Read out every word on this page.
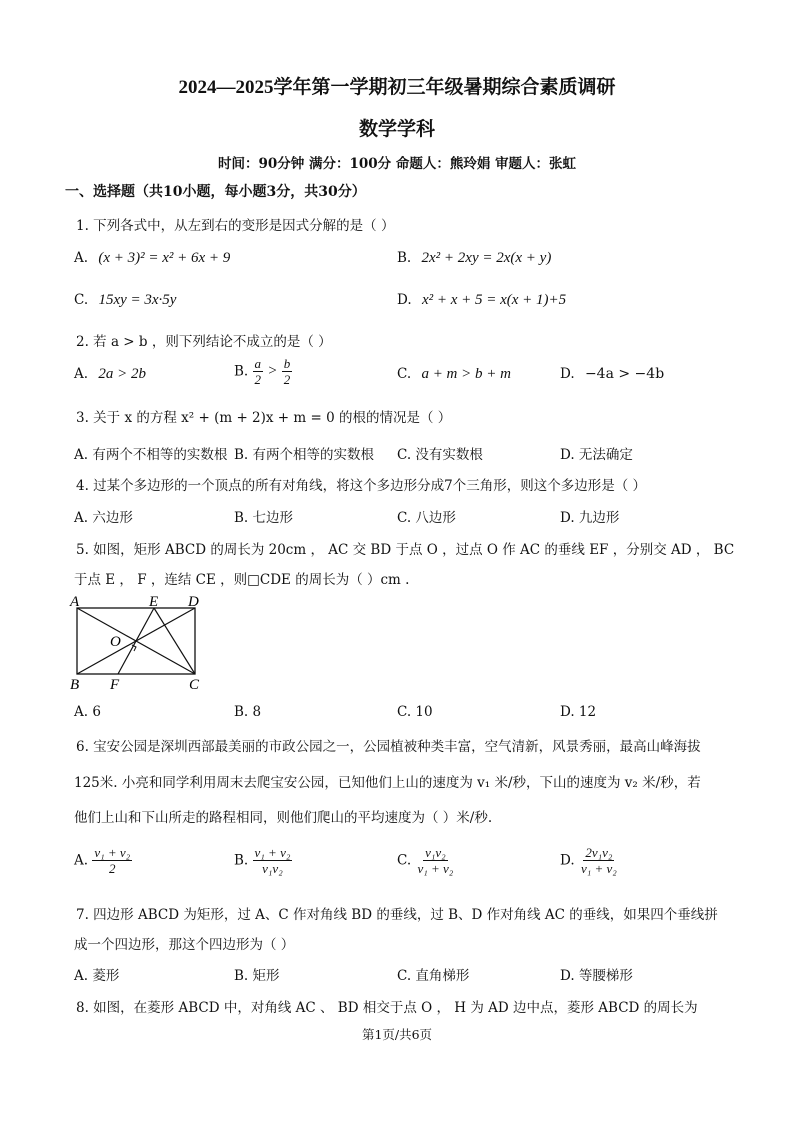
2024—2025学年第一学期初三年级暑期综合素质调研
数学学科
时间：90分钟 满分：100分 命题人：熊玲娟 审题人：张虹
一、选择题（共10小题，每小题3分，共30分）
1. 下列各式中，从左到右的变形是因式分解的是（ ）
A. (x + 3)² = x² + 6x + 9	B. 2x² + 2xy = 2x(x + y)
C. 15xy = 3x·5y	D. x² + x + 5 = x(x + 1)+5
2. 若 a > b ，则下列结论不成立的是（ ）
A. 2a > 2b	B. $\frac{a}{2} > \frac{b}{2}$	C. a + m > b + m	D. −4a > −4b
3. 关于 x 的方程 x² + (m + 2)x + m = 0 的根的情况是（ ）
A. 有两个不相等的实数根 B. 有两个相等的实数根 C. 没有实数根	D. 无法确定
4. 过某个多边形的一个顶点的所有对角线，将这个多边形分成7个三角形，则这个多边形是（ ）
A. 六边形	B. 七边形	C. 八边形	D. 九边形
5. 如图，矩形 ABCD 的周长为 20cm ， AC 交 BD 于点 O ，过点 O 作 AC 的垂线 EF ，分别交 AD ， BC
于点 E ， F ，连结 CE ，则□CDE 的周长为（ ）cm .
A	E D
O
B F	C
A. 6	B. 8	C. 10	D. 12
6. 宝安公园是深圳西部最美丽的市政公园之一，公园植被种类丰富，空气清新，风景秀丽，最高山峰海拔
125米. 小亮和同学利用周末去爬宝安公园，已知他们上山的速度为 v₁ 米/秒，下山的速度为 v₂ 米/秒，若
他们上山和下山所走的路程相同，则他们爬山的平均速度为（ ）米/秒.
A. $\frac{\text{v₁ + v₂}}{2}$	B. $\frac{\text{v₁ + v₂}}{\text{v₁v₂}}$	C. $\frac{\text{v₁v₂}}{\text{v₁ + v₂}}$	D. $\frac{\text{2v₁v₂}}{\text{v₁ + v₂}}$
7. 四边形 ABCD 为矩形，过 A、C 作对角线 BD 的垂线，过 B、D 作对角线 AC 的垂线，如果四个垂线拼
成一个四边形，那这个四边形为（ ）
A. 菱形	B. 矩形	C. 直角梯形	D. 等腰梯形
8. 如图，在菱形 ABCD 中，对角线 AC 、 BD 相交于点 O ， H 为 AD 边中点，菱形 ABCD 的周长为
第1页/共6页
